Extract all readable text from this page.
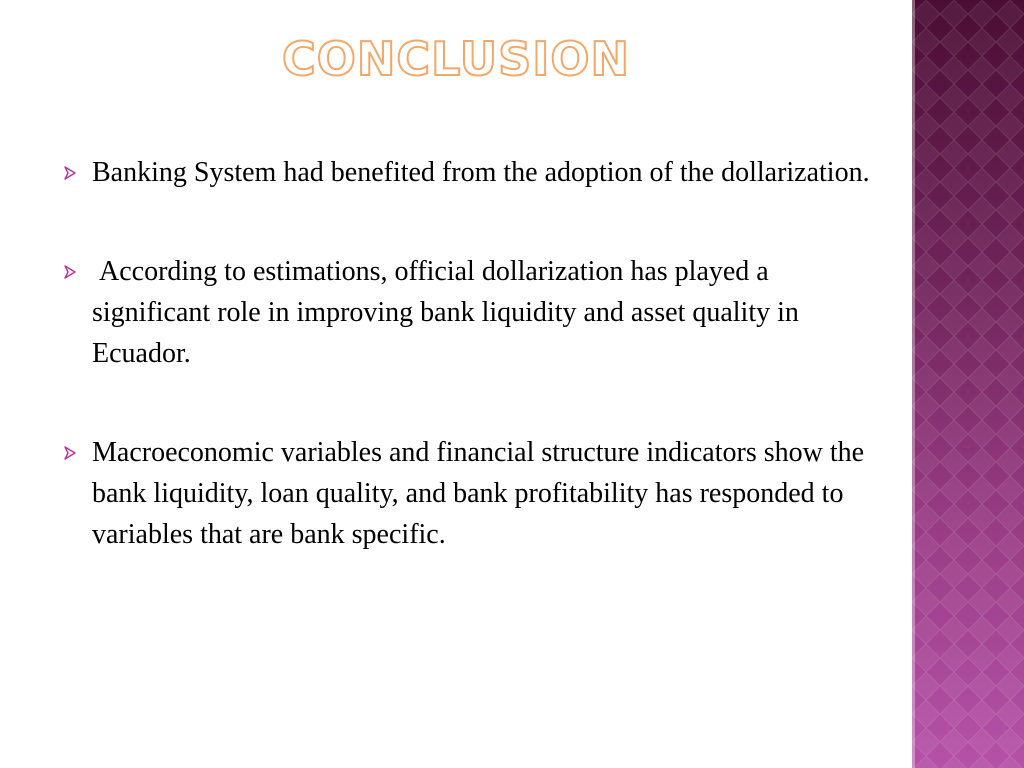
CONCLUSION
Banking System had benefited from the adoption of the dollarization.
According to estimations, official dollarization has played a significant role in improving bank liquidity and asset quality in Ecuador.
Macroeconomic variables and financial structure indicators show the bank liquidity, loan quality, and bank profitability has responded to variables that are bank specific.
